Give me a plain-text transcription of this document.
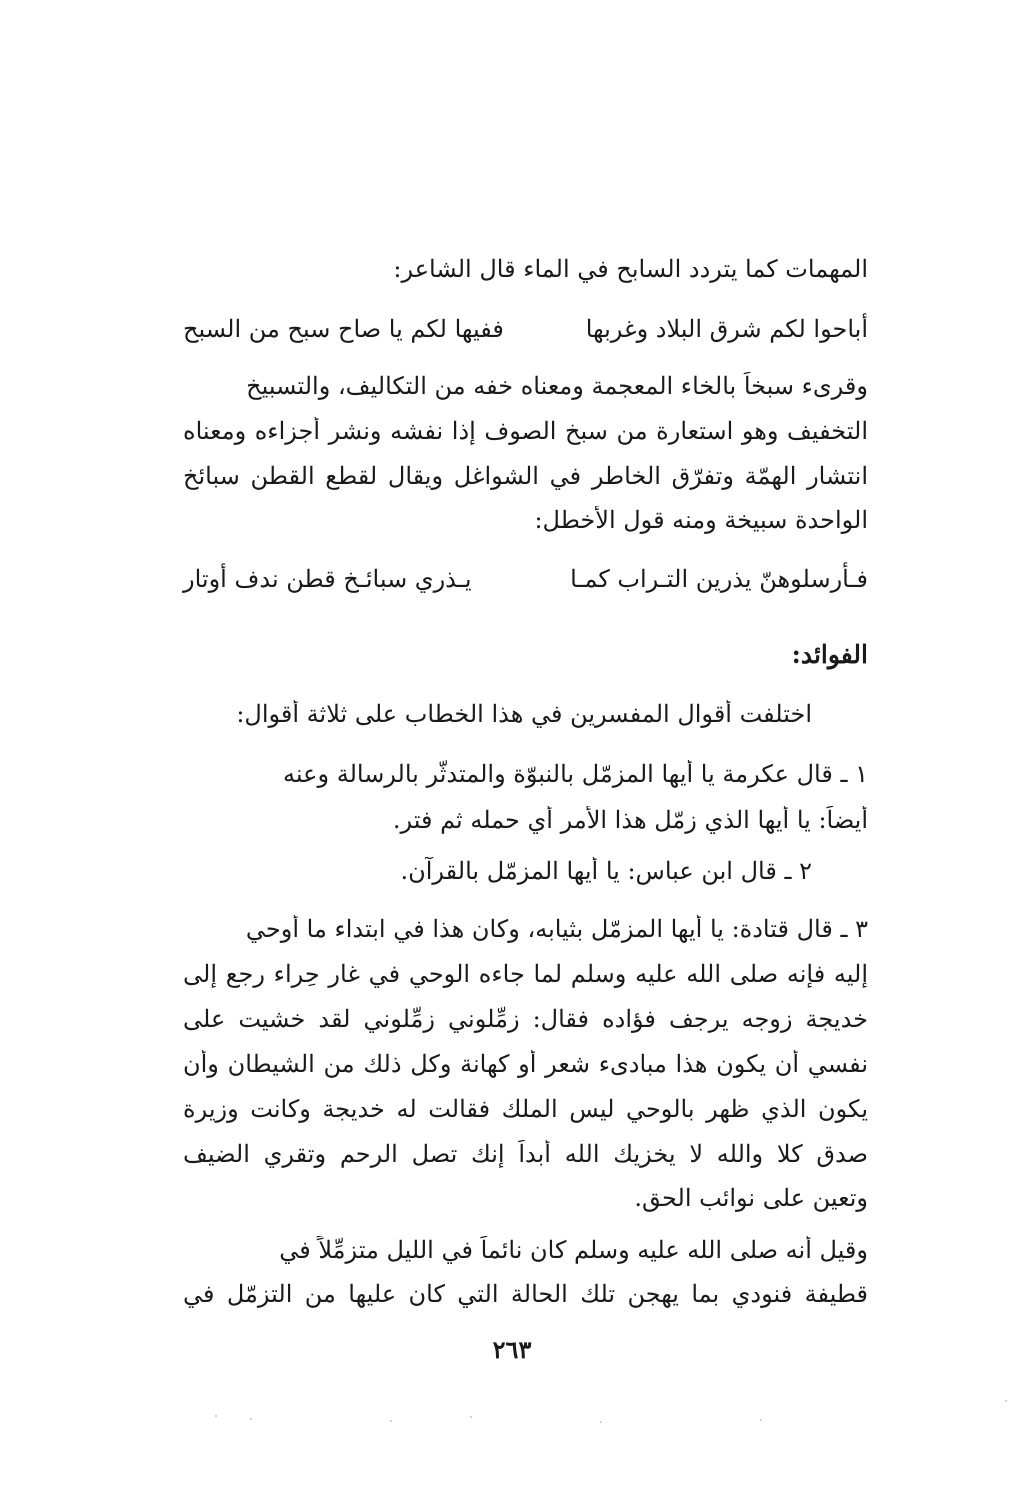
المهمات كما يتردد السابح في الماء قال الشاعر:
أباحوا لكم شرق البلاد وغربها
ففيها لكم يا صاح سبح من السبح
وقرىء سبخاً بالخاء المعجمة ومعناه خفه من التكاليف، والتسبيخ
التخفيف وهو استعارة من سبخ الصوف إذا نفشه ونشر أجزاءه ومعناه
انتشار الهمّة وتفرّق الخاطر في الشواغل ويقال لقطع القطن سبائخ
الواحدة سبيخة ومنه قول الأخطل:
فـأرسلوهنّ يذرين التـراب كمـا
يـذري سبائـخ قطن ندف أوتار
الفوائد:
اختلفت أقوال المفسرين في هذا الخطاب على ثلاثة أقوال:
١ ـ قال عكرمة يا أيها المزمّل بالنبوّة والمتدثّر بالرسالة وعنه
أيضاً: يا أيها الذي زمّل هذا الأمر أي حمله ثم فتر.
٢ ـ قال ابن عباس: يا أيها المزمّل بالقرآن.
٣ ـ قال قتادة: يا أيها المزمّل بثيابه، وكان هذا في ابتداء ما أُوحي
إليه فإنه صلى الله عليه وسلم لما جاءه الوحي في غار حِراء رجع إلى
خديجة زوجه يرجف فؤاده فقال: زمِّلوني زمِّلوني لقد خشيت على
نفسي أن يكون هذا مبادىء شعر أو كهانة وكل ذلك من الشيطان وأن
يكون الذي ظهر بالوحي ليس الملك فقالت له خديجة وكانت وزيرة
صدق كلا والله لا يخزيك الله أبداً إنك تصل الرحم وتقري الضيف
وتعين على نوائب الحق.
وقيل أنه صلى الله عليه وسلم كان نائماً في الليل متزمِّلاً في
قطيفة فنودي بما يهجن تلك الحالة التي كان عليها من التزمّل في
٢٦٣
